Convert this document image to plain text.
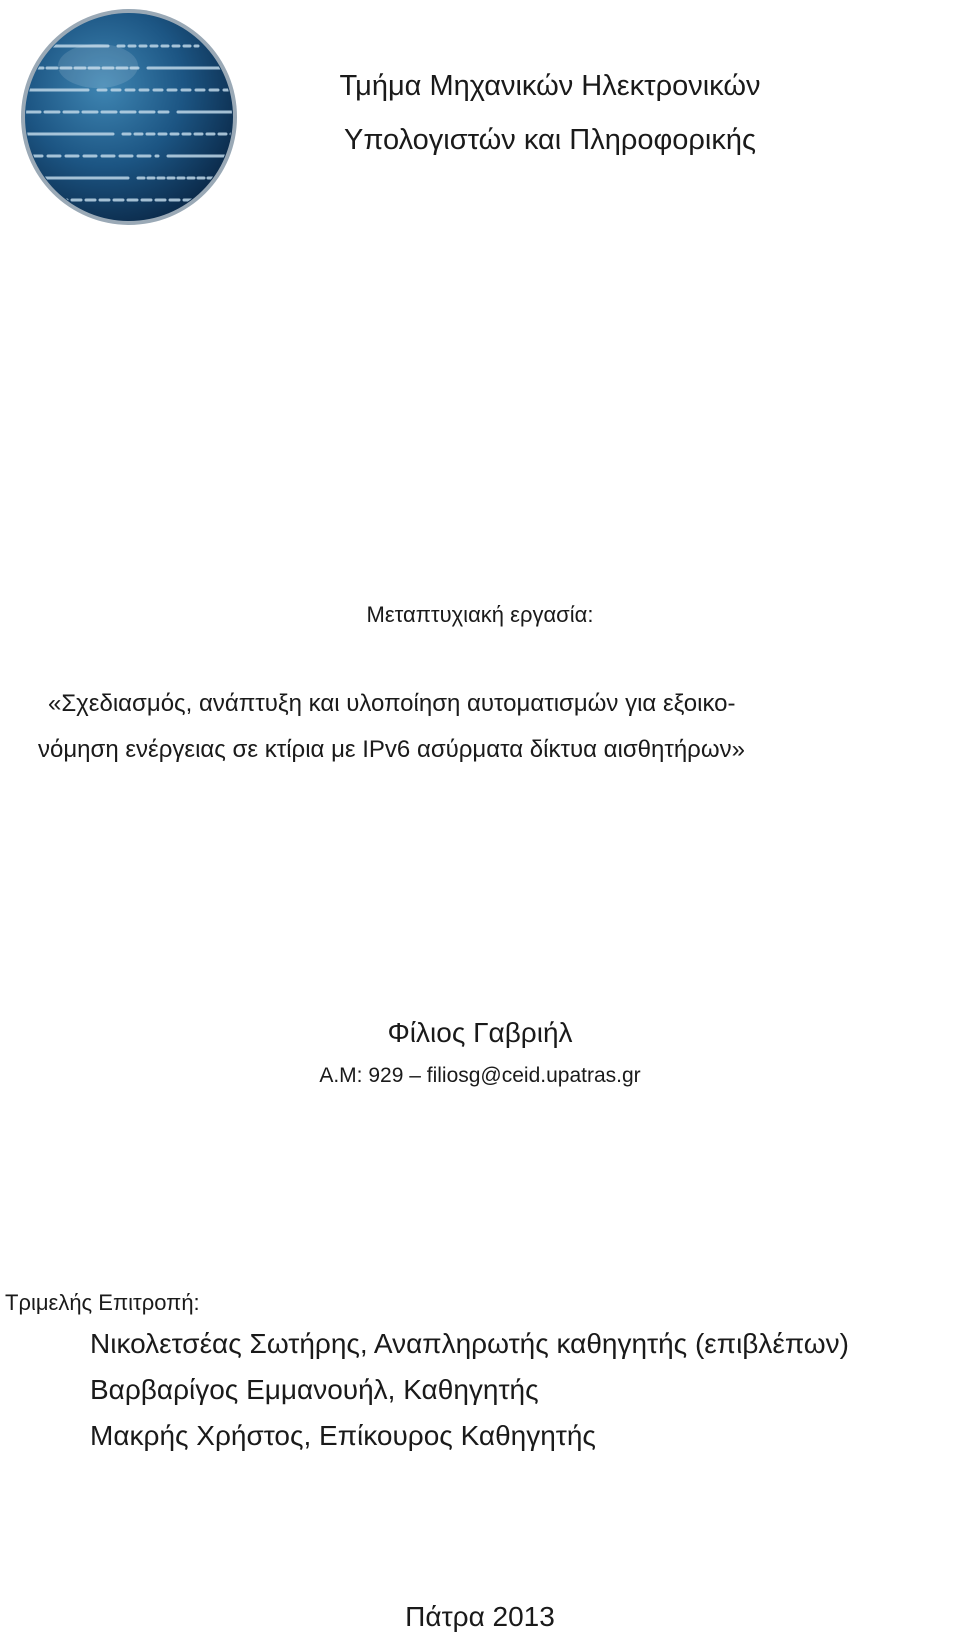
Τμήμα Μηχανικών Ηλεκτρονικών
Υπολογιστών και Πληροφορικής
Μεταπτυχιακή εργασία:
«Σχεδιασμός, ανάπτυξη και υλοποίηση αυτοματισμών για εξοικο-
νόμηση ενέργειας σε κτίρια με IPv6 ασύρματα δίκτυα αισθητήρων»
Φίλιος Γαβριήλ
Α.Μ: 929 – filiosg@ceid.upatras.gr
Τριμελής Επιτροπή:
Νικολετσέας Σωτήρης, Αναπληρωτής καθηγητής (επιβλέπων)
Βαρβαρίγος Εμμανουήλ, Καθηγητής
Μακρής Χρήστος, Επίκουρος Καθηγητής
Πάτρα 2013
